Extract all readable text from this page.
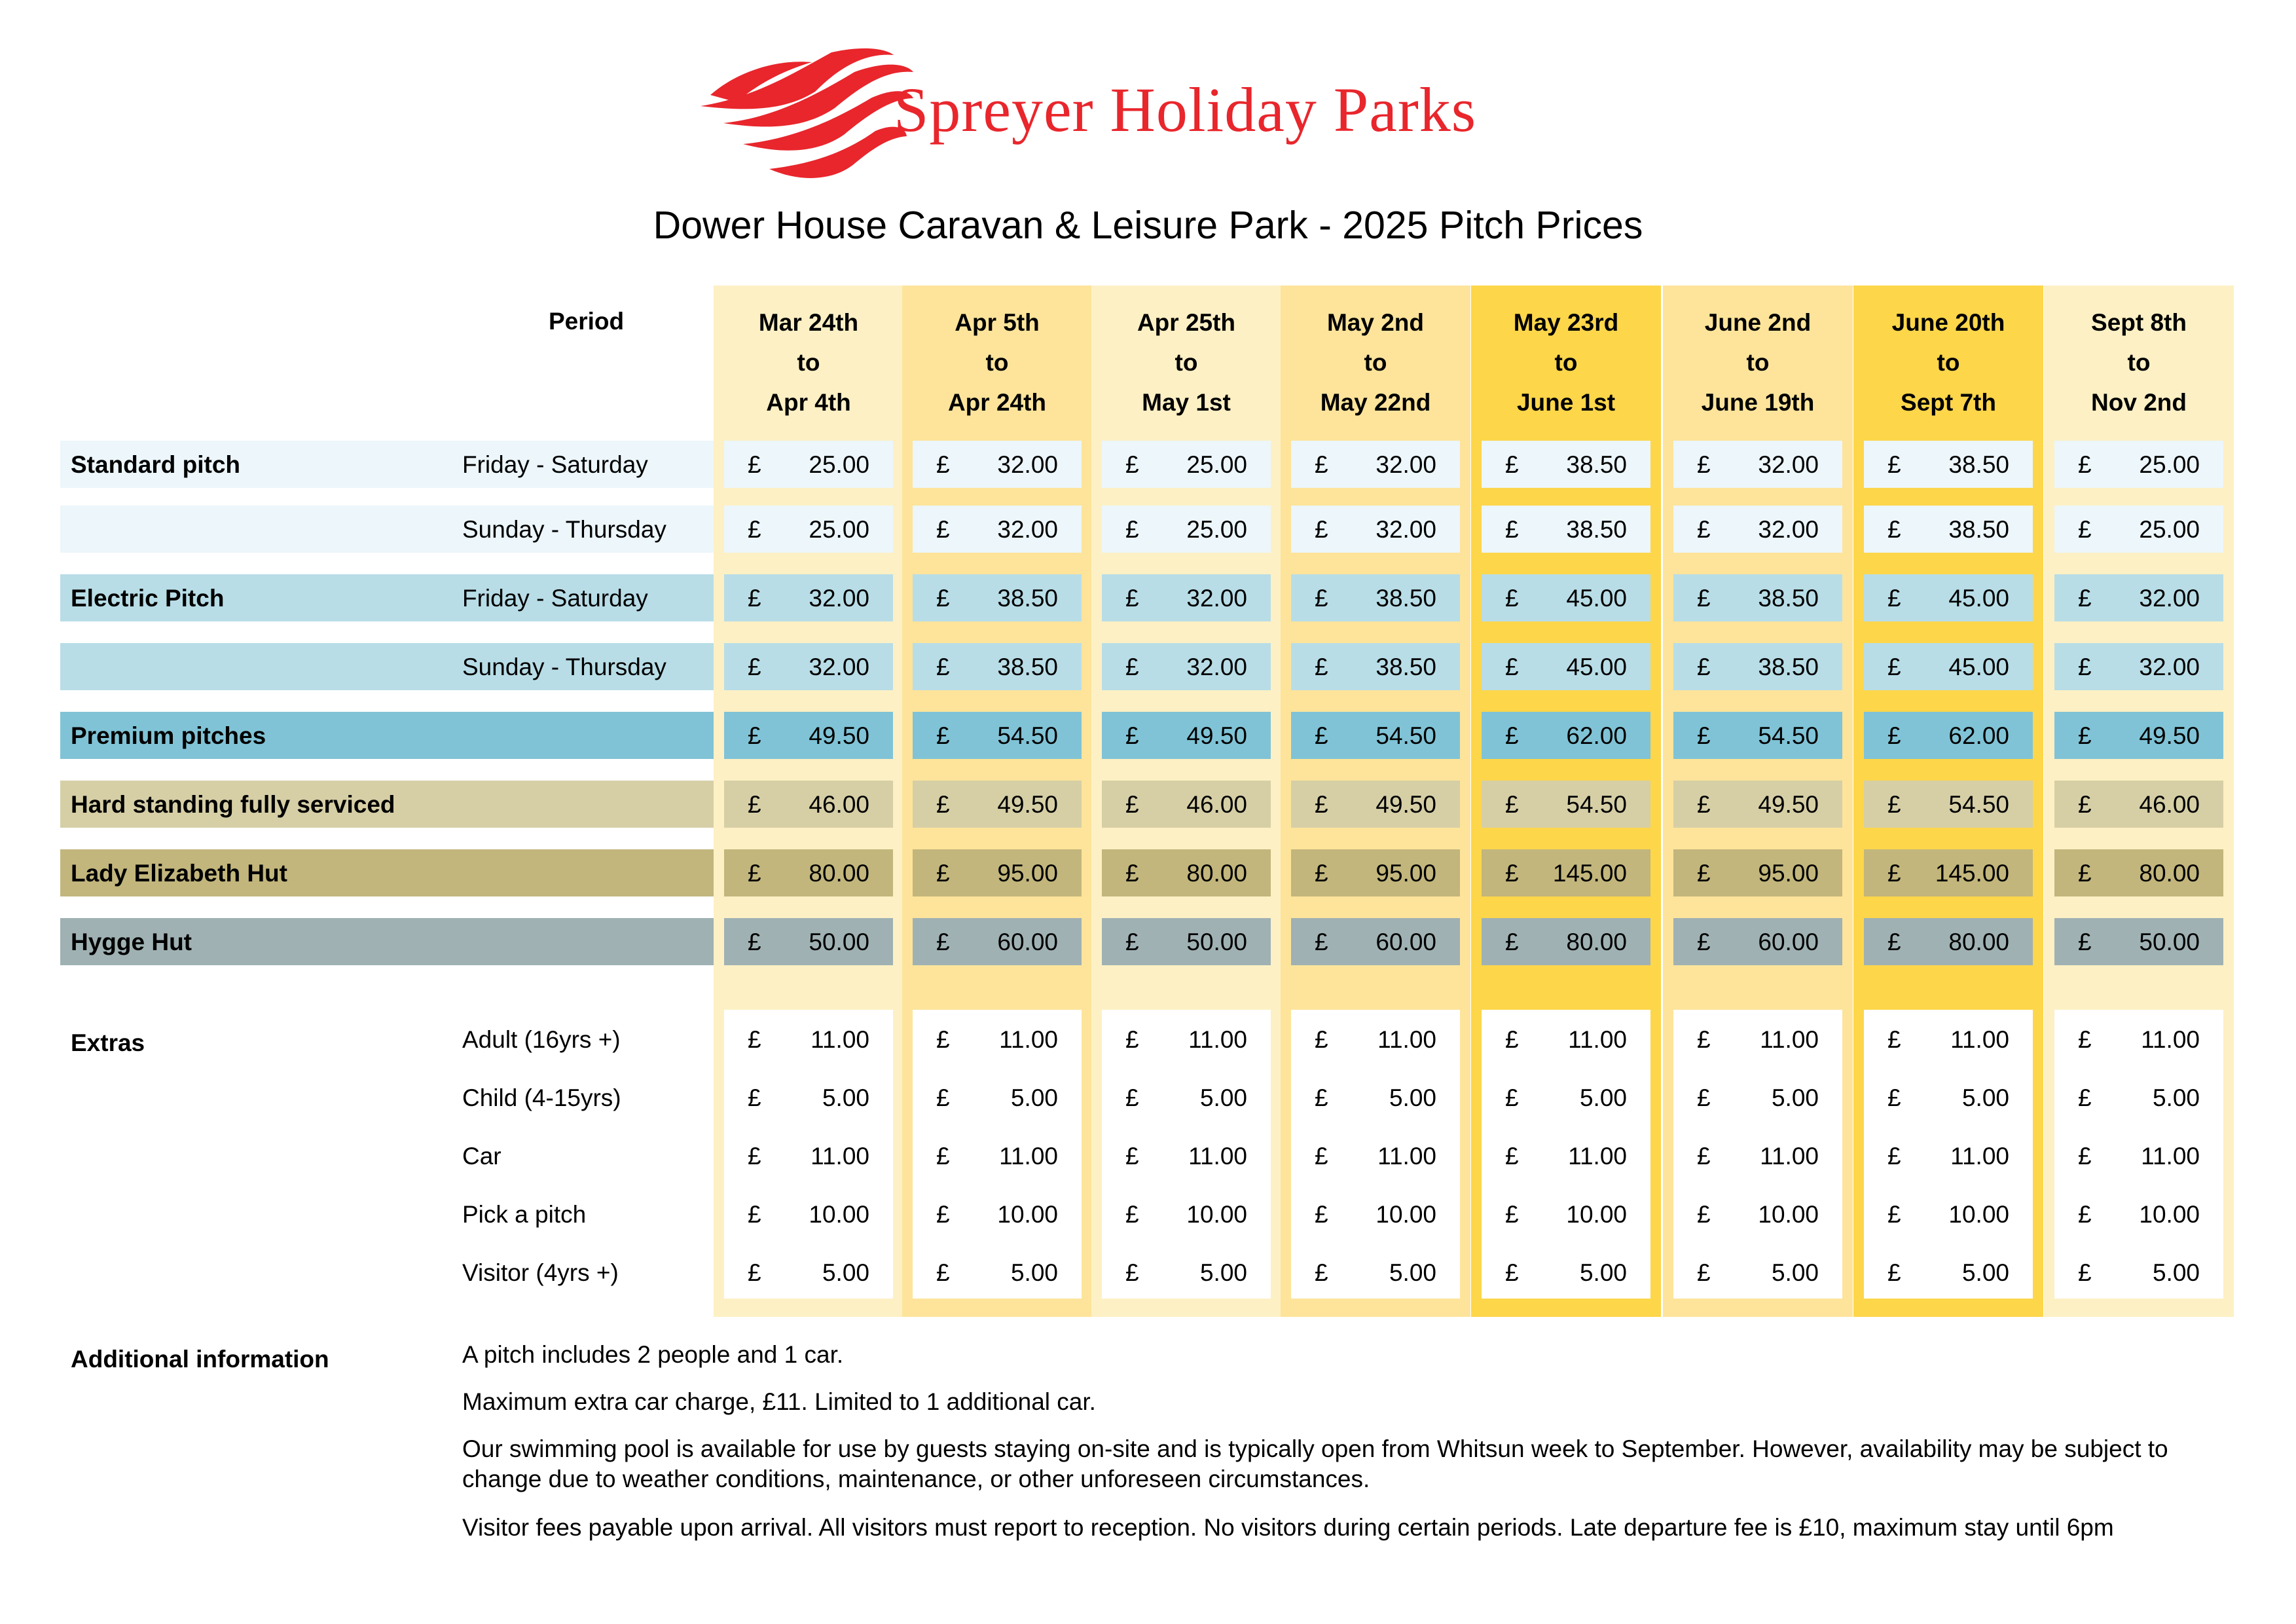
Spreyer Holiday Parks
Dower House Caravan & Leisure Park - 2025 Pitch Prices
Period	Mar 24th
to
Apr 4th
Apr 5th
to
Apr 24th
Apr 25th
to
May 1st
May 2nd
to
May 22nd
May 23rd
to
June 1st
June 2nd
to
June 19th
June 20th
to
Sept 7th
Sept 8th
to
Nov 2nd
Standard pitch	Friday - Saturday	£ 25.00	£ 32.00	£ 25.00	£ 32.00	£ 38.50	£ 32.00	£ 38.50	£ 25.00
Sunday - Thursday	£ 25.00	£ 32.00	£ 25.00	£ 32.00	£ 38.50	£ 32.00	£ 38.50	£ 25.00
Electric Pitch	Friday - Saturday	£ 32.00	£ 38.50	£ 32.00	£ 38.50	£ 45.00	£ 38.50	£ 45.00	£ 32.00
Sunday - Thursday	£ 32.00	£ 38.50	£ 32.00	£ 38.50	£ 45.00	£ 38.50	£ 45.00	£ 32.00
Premium pitches	£ 49.50	£ 54.50	£ 49.50	£ 54.50	£ 62.00	£ 54.50	£ 62.00	£ 49.50
Hard standing fully serviced	£ 46.00	£ 49.50	£ 46.00	£ 49.50	£ 54.50	£ 49.50	£ 54.50	£ 46.00
Lady Elizabeth Hut	£ 80.00	£ 95.00	£ 80.00	£ 95.00	£ 145.00	£ 95.00	£ 145.00	£ 80.00
Hygge Hut	£ 50.00	£ 60.00	£ 50.00	£ 60.00	£ 80.00	£ 60.00	£ 80.00	£ 50.00
Adult (16yrs +)	£	11.00	£	11.00	£	11.00	£	11.00	£	11.00	£	11.00	£	11.00	£	11.00
Child (4-15yrs)	£	5.00	£	5.00	£	5.00	£	5.00	£	5.00	£	5.00	£	5.00	£	5.00
Car	£	11.00	£	11.00	£	11.00	£	11.00	£	11.00	£	11.00	£	11.00	£	11.00
Pick a pitch	£	10.00	£	10.00	£	10.00	£	10.00	£	10.00	£	10.00	£	10.00	£	10.00
Visitor (4yrs +)	£	5.00	£	5.00	£	5.00	£	5.00	£	5.00	£	5.00	£	5.00	£	5.00
Extras
Additional information	A pitch includes 2 people and 1 car.
Maximum extra car charge, £11. Limited to 1 additional car.
Our swimming pool is available for use by guests staying on-site and is typically open from Whitsun week to September. However, availability may be subject to change due to weather conditions, maintenance, or other unforeseen circumstances.
Visitor fees payable upon arrival. All visitors must report to reception. No visitors during certain periods. Late departure fee is £10, maximum stay until 6pm
